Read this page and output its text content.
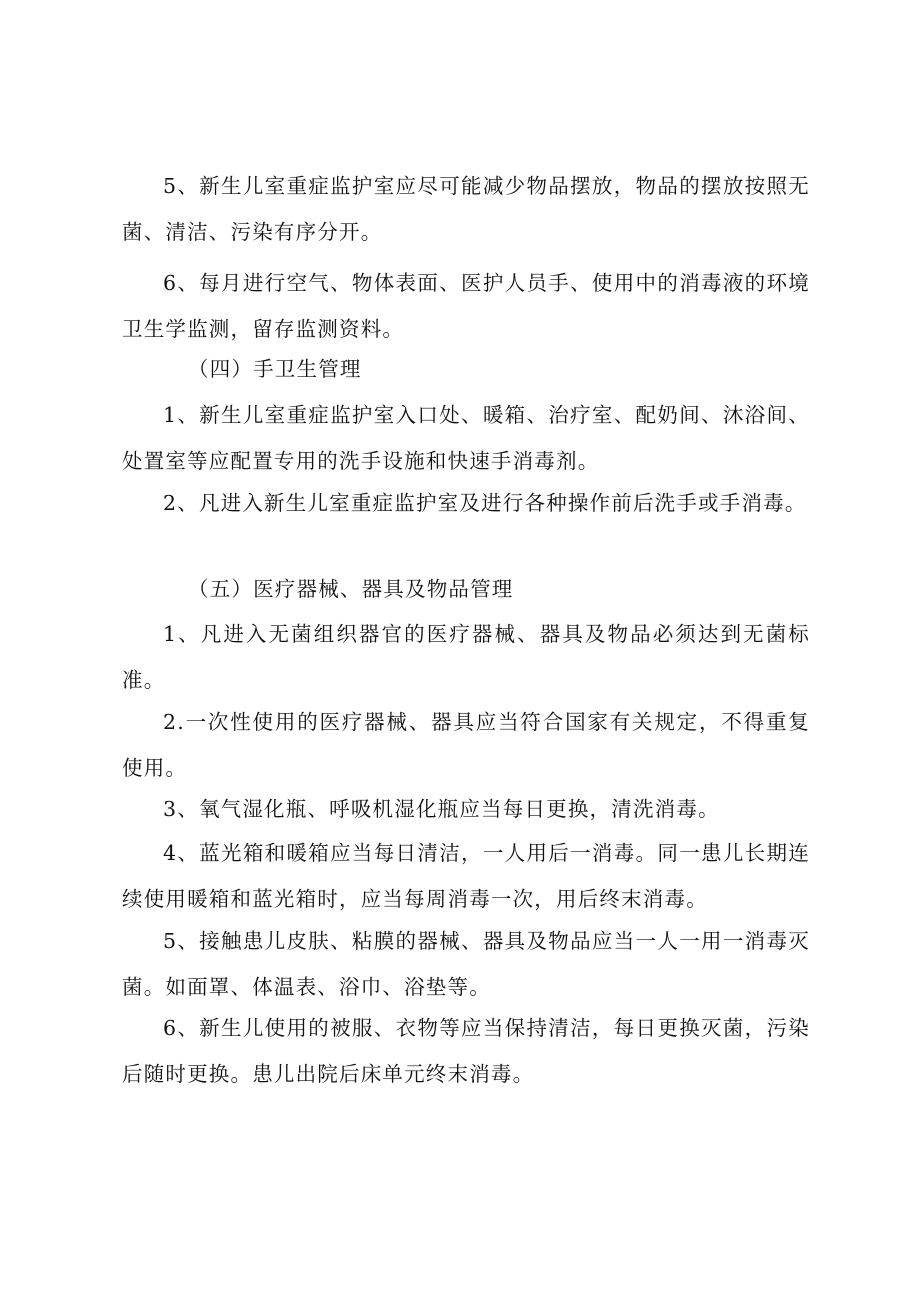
5、新生儿室重症监护室应尽可能减少物品摆放，物品的摆放按照无菌、清洁、污染有序分开。

6、每月进行空气、物体表面、医护人员手、使用中的消毒液的环境卫生学监测，留存监测资料。

（四）手卫生管理

1、新生儿室重症监护室入口处、暖箱、治疗室、配奶间、沐浴间、处置室等应配置专用的洗手设施和快速手消毒剂。

2、凡进入新生儿室重症监护室及进行各种操作前后洗手或手消毒。

（五）医疗器械、器具及物品管理

1、凡进入无菌组织器官的医疗器械、器具及物品必须达到无菌标准。

2.一次性使用的医疗器械、器具应当符合国家有关规定，不得重复使用。

3、氧气湿化瓶、呼吸机湿化瓶应当每日更换，清洗消毒。

4、蓝光箱和暖箱应当每日清洁，一人用后一消毒。同一患儿长期连续使用暖箱和蓝光箱时，应当每周消毒一次，用后终末消毒。

5、接触患儿皮肤、粘膜的器械、器具及物品应当一人一用一消毒灭菌。如面罩、体温表、浴巾、浴垫等。

6、新生儿使用的被服、衣物等应当保持清洁，每日更换灭菌，污染后随时更换。患儿出院后床单元终末消毒。
